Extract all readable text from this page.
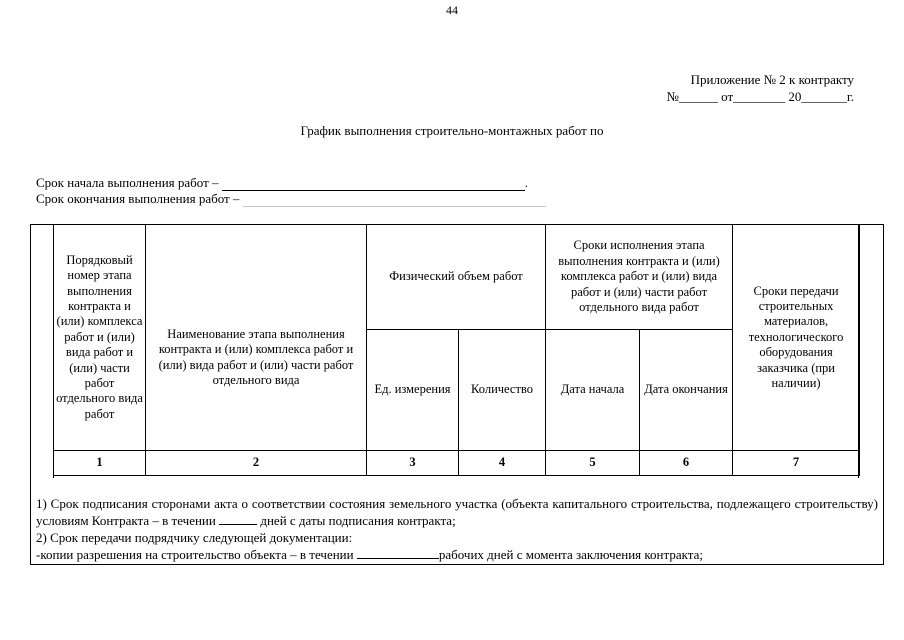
44
Приложение № 2 к контракту
№______ от________ 20_______г.
График выполнения строительно-монтажных работ по
Срок начала выполнения работ –	.
Срок окончания выполнения работ –
Порядковый номер этапа выполнения контракта и (или) комплекса работ и (или) вида работ и (или) части работ отдельного вида работ	Наименование этапа выполнения контракта и (или) комплекса работ и (или) вида работ и (или) части работ отдельного вида	Физический объем работ		Сроки исполнения этапа выполнения контракта и (или) комплекса работ и (или) вида работ и (или) части работ отдельного вида работ		Сроки передачи строительных материалов, технологического оборудования заказчика (при наличии)
		Ед. измерения	Количество	Дата начала	Дата окончания	
1	2	3	4	5	6	7

1) Срок подписания сторонами акта о соответствии состояния земельного участка (объекта капитального строительства, подлежащего строительству) условиям Контракта – в течении	дней с даты подписания контракта;

2) Срок передачи подрядчику следующей документации:

-копии разрешения на строительство объекта – в течении	рабочих дней с момента заключения контракта;
